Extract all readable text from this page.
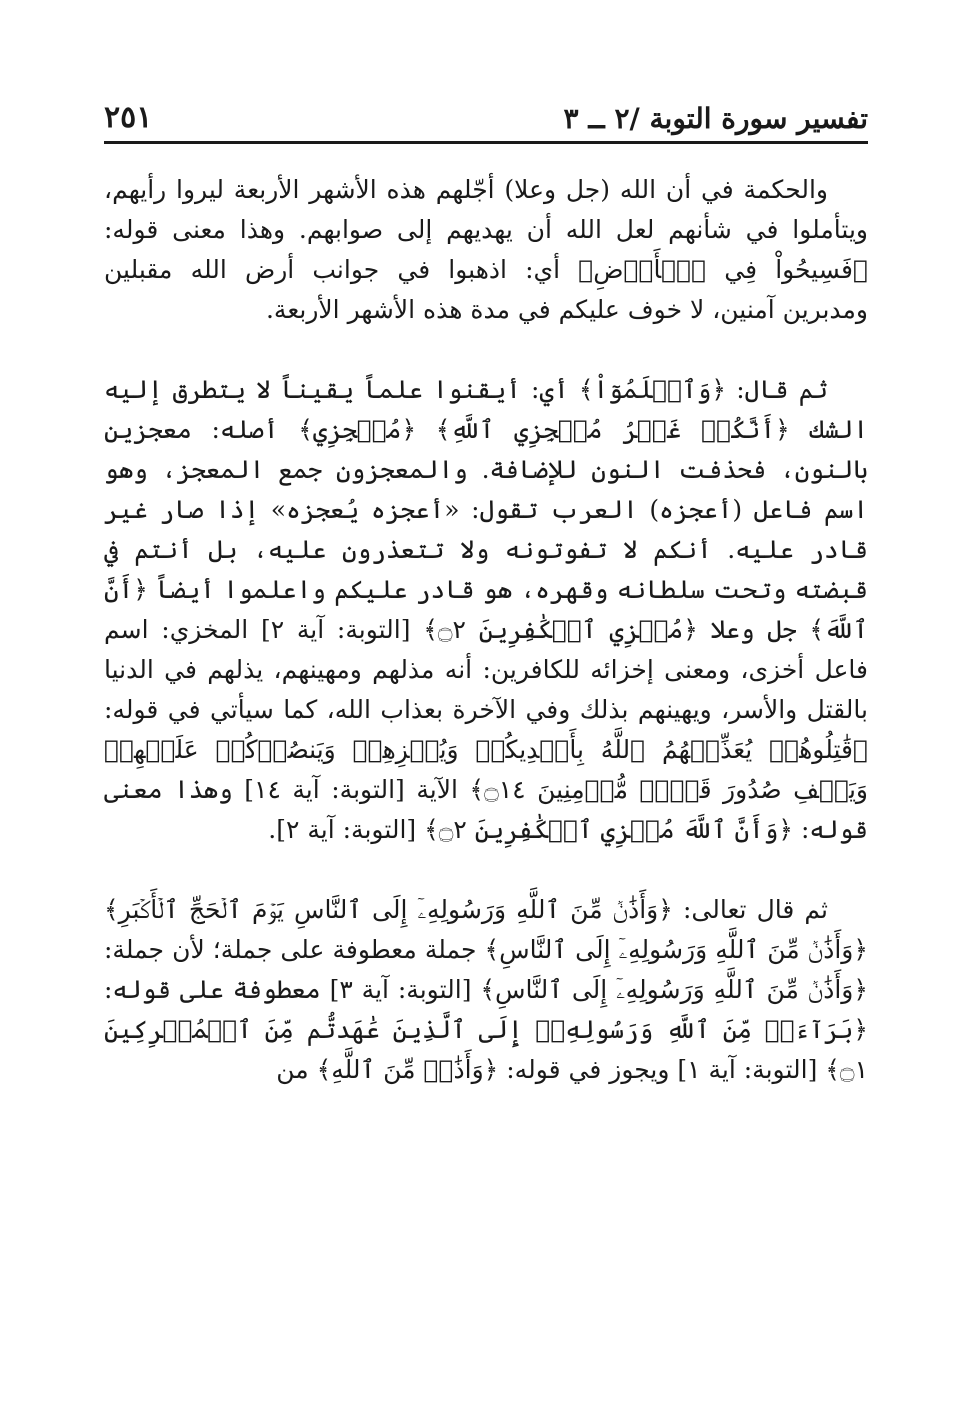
تفسير سورة التوبة /٢ ــ ٣
٢٥١

والحكمة في أن الله (جل وعلا) أجّلهم هذه الأشهر الأربعة ليروا رأيهم، ويتأملوا في شأنهم لعل الله أن يهديهم إلى صوابهم. وهذا معنى قوله: ﴿فَسِيحُواْ فِي ٱلۡأَرۡضِ﴾ أي: اذهبوا في جوانب أرض الله مقبلين ومدبرين آمنين، لا خوف عليكم في مدة هذه الأشهر الأربعة.

ثم قال: ﴿وَٱعۡلَمُوٓاْ﴾ أي: أيقنوا علماً يقيناً لا يتطرق إليه الشك ﴿أَنَّكُمۡ غَيۡرُ مُعۡجِزِي ٱللَّهِ﴾ ﴿مُعۡجِزِي﴾ أصله: معجزين بالنون، فحذفت النون للإضافة. والمعجزون جمع المعجز، وهو اسم فاعل (أعجزه) العرب تقول: «أعجزه يُعجزه» إذا صار غير قادر عليه. أنكم لا تفوتونه ولا تتعذرون عليه، بل أنتم في قبضته وتحت سلطانه وقهره، هو قادر عليكم واعلموا أيضاً ﴿أَنَّ ٱللَّهَ﴾ جل وعلا ﴿مُخۡزِي ٱلۡكَٰفِرِينَ ۝٢﴾ [التوبة: آية ٢] المخزي: اسم فاعل أخزى، ومعنى إخزائه للكافرين: أنه مذلهم ومهينهم، يذلهم في الدنيا بالقتل والأسر، ويهينهم بذلك وفي الآخرة بعذاب الله، كما سيأتي في قوله: ﴿قَٰتِلُوهُمۡ يُعَذِّبۡهُمُ ٱللَّهُ بِأَيۡدِيكُمۡ وَيُخۡزِهِمۡ وَيَنصُرۡكُمۡ عَلَيۡهِمۡ وَيَشۡفِ صُدُورَ قَوۡمٖ مُّؤۡمِنِينَ ۝١٤﴾ الآية [التوبة: آية ١٤] وهذا معنى قوله: ﴿وَأَنَّ ٱللَّهَ مُخۡزِي ٱلۡكَٰفِرِينَ ۝٢﴾ [التوبة: آية ٢].

ثم قال تعالى: ﴿وَأَذَٰنٞ مِّنَ ٱللَّهِ وَرَسُولِهِۦٓ إِلَى ٱلنَّاسِ يَوۡمَ ٱلۡحَجِّ ٱلۡأَكۡبَرِ﴾ ﴿وَأَذَٰنٞ مِّنَ ٱللَّهِ وَرَسُولِهِۦٓ إِلَى ٱلنَّاسِ﴾ جملة معطوفة على جملة؛ لأن جملة: ﴿وَأَذَٰنٞ مِّنَ ٱللَّهِ وَرَسُولِهِۦٓ إِلَى ٱلنَّاسِ﴾ [التوبة: آية ٣] معطوفة على قوله: ﴿بَرَآءَةٞ مِّنَ ٱللَّهِ وَرَسُولِهِۦٓ إِلَى ٱلَّذِينَ عَٰهَدتُّم مِّنَ ٱلۡمُشۡرِكِينَ ۝١﴾ [التوبة: آية ١] ويجوز في قوله: ﴿وَأَذَٰنٞ مِّنَ ٱللَّهِ﴾ من
